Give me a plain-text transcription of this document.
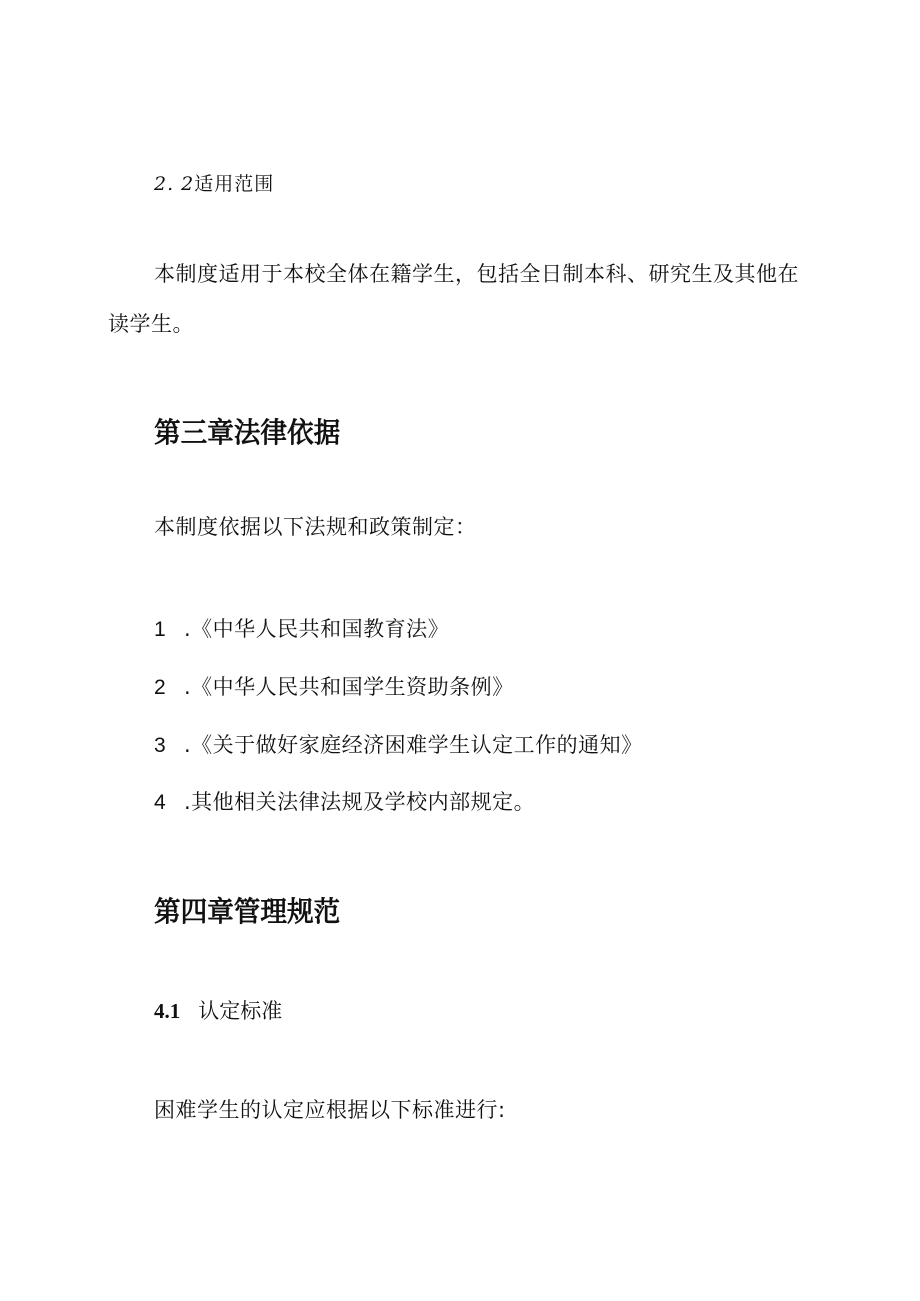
2. 2适用范围
本制度适用于本校全体在籍学生，包括全日制本科、研究生及其他在读学生。
第三章法律依据
本制度依据以下法规和政策制定：
1 .《中华人民共和国教育法》
2 .《中华人民共和国学生资助条例》
3 .《关于做好家庭经济困难学生认定工作的通知》
4 .其他相关法律法规及学校内部规定。
第四章管理规范
4.1 认定标准
困难学生的认定应根据以下标准进行:
